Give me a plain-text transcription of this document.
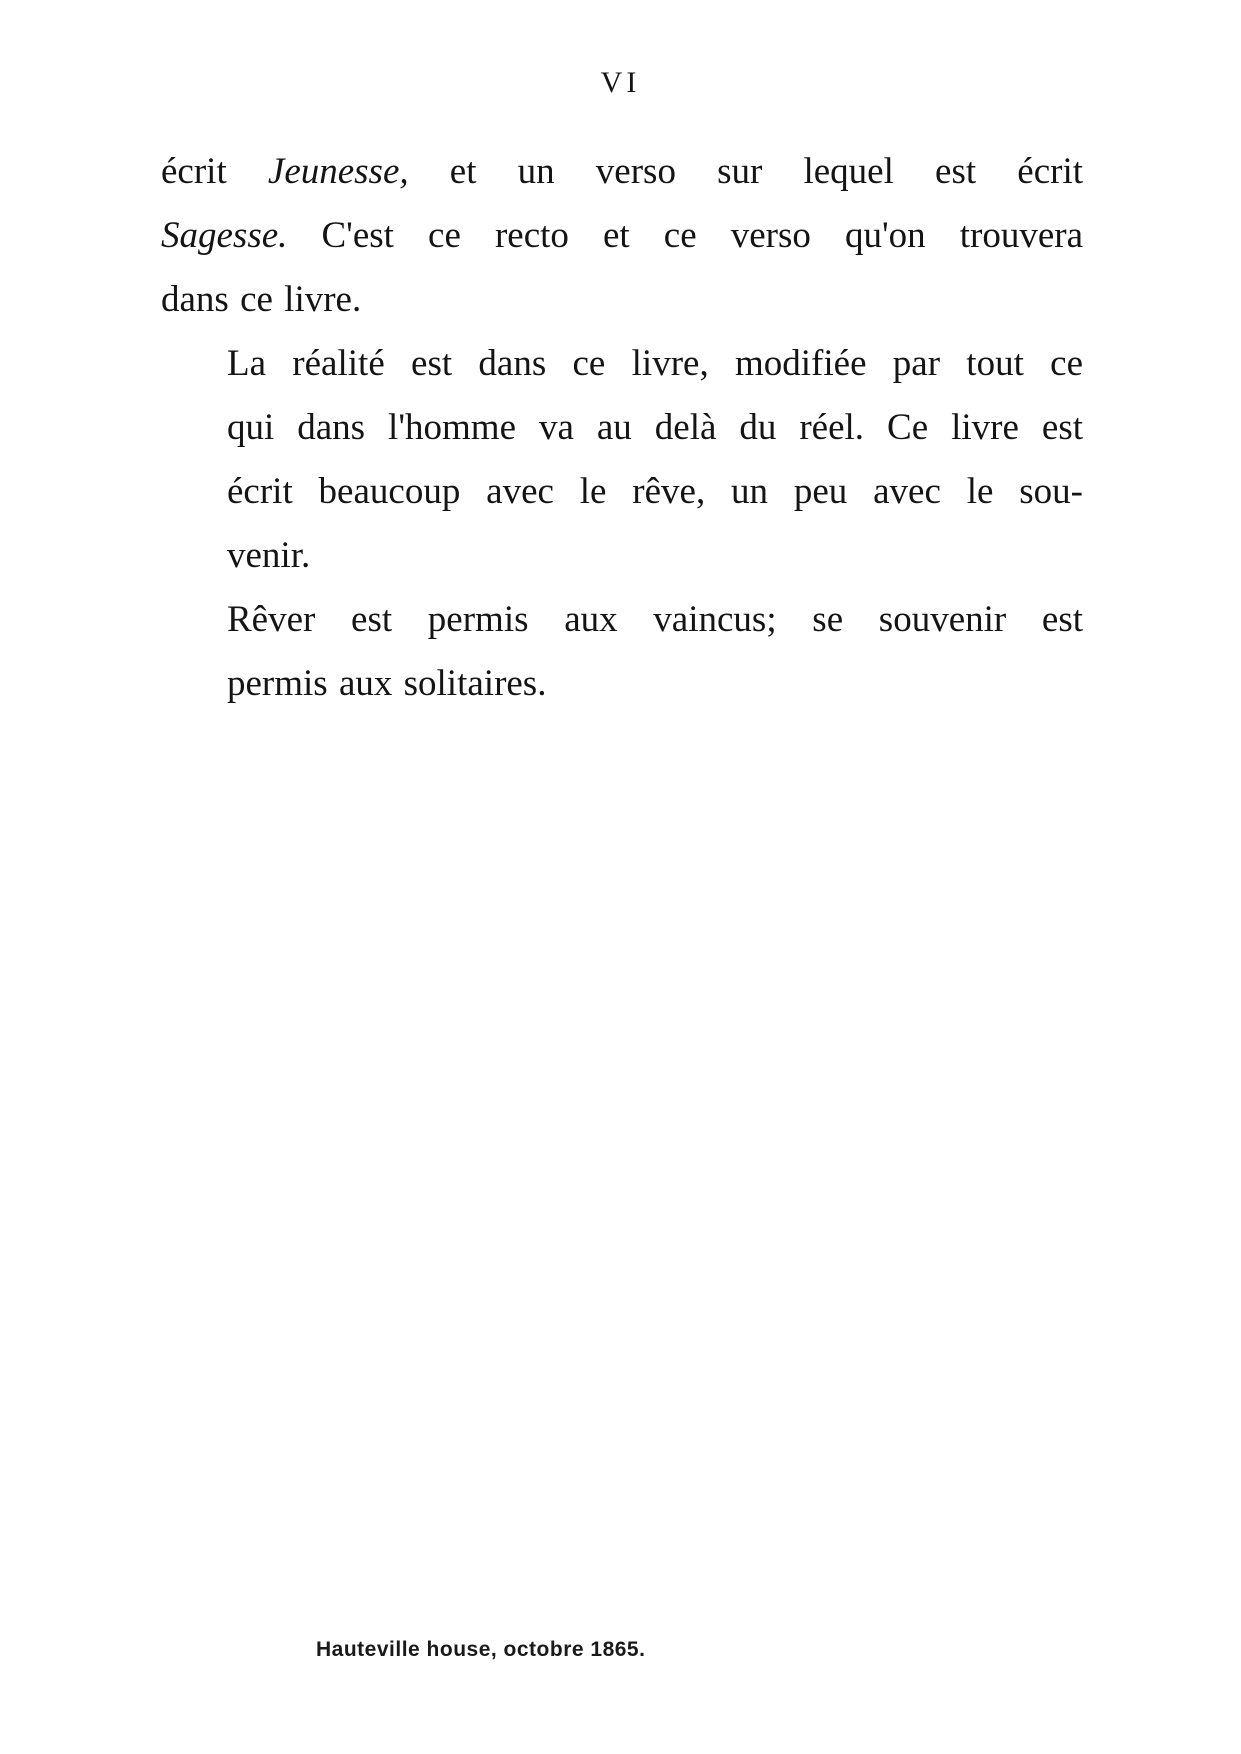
VI

écrit Jeunesse, et un verso sur lequel est écrit
Sagesse. C'est ce recto et ce verso qu'on trouvera
dans ce livre.

La réalité est dans ce livre, modifiée par tout ce
qui dans l'homme va au delà du réel. Ce livre est
écrit beaucoup avec le rêve, un peu avec le sou-
venir.

Rêver est permis aux vaincus; se souvenir est
permis aux solitaires.

Hauteville house, octobre 1865.
